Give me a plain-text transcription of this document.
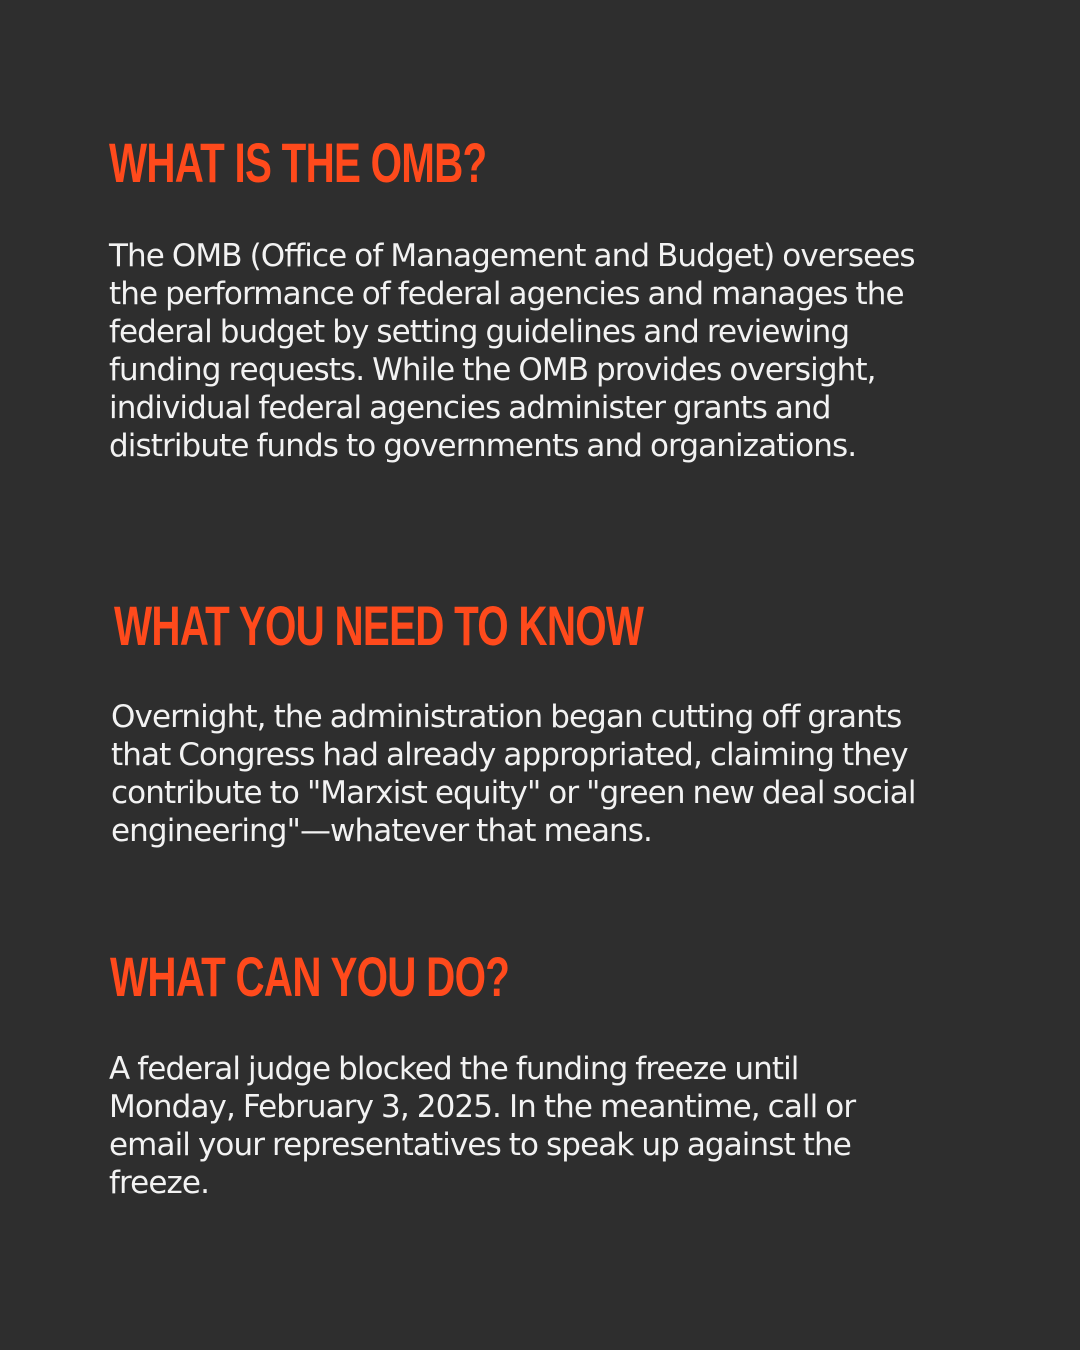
WHAT IS THE OMB?

The OMB (Office of Management and Budget) oversees the performance of federal agencies and manages the federal budget by setting guidelines and reviewing funding requests. While the OMB provides oversight, individual federal agencies administer grants and distribute funds to governments and organizations.

WHAT YOU NEED TO KNOW

Overnight, the administration began cutting off grants that Congress had already appropriated, claiming they contribute to "Marxist equity" or "green new deal social engineering"—whatever that means.

WHAT CAN YOU DO?

A federal judge blocked the funding freeze until Monday, February 3, 2025. In the meantime, call or email your representatives to speak up against the freeze.
